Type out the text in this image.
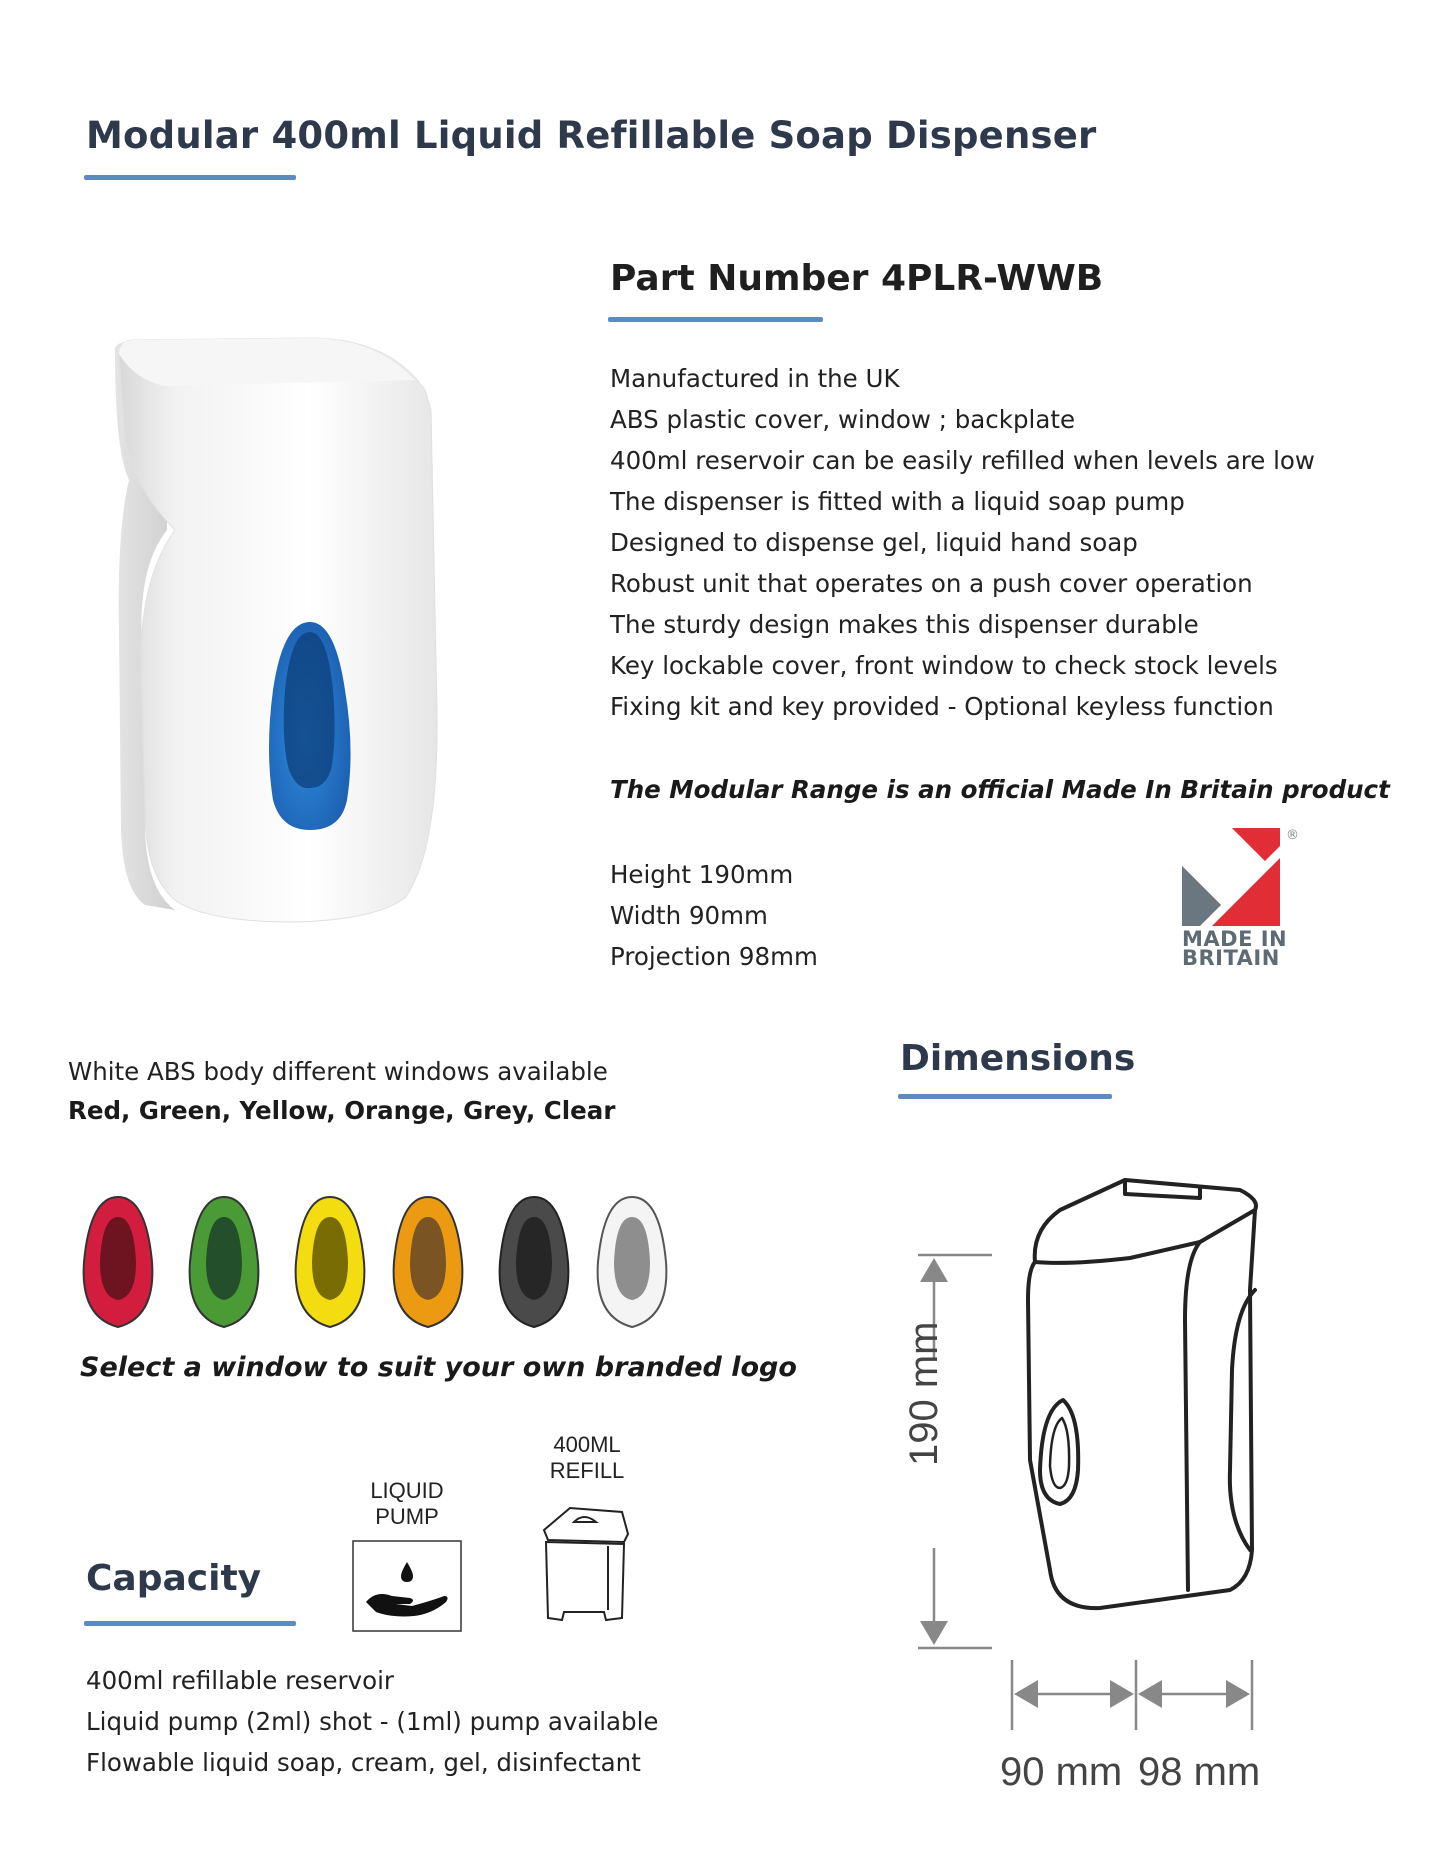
Modular 400ml Liquid Refillable Soap Dispenser
Part Number 4PLR-WWB
Manufactured in the UK
ABS plastic cover, window ; backplate
400ml reservoir can be easily refilled when levels are low
The dispenser is fitted with a liquid soap pump
Designed to dispense gel, liquid hand soap
Robust unit that operates on a push cover operation
The sturdy design makes this dispenser durable
Key lockable cover, front window to check stock levels
Fixing kit and key provided - Optional keyless function
The Modular Range is an official Made In Britain product
Height 190mm
Width 90mm
Projection 98mm
®
MADE IN
BRITAIN
White ABS body different windows available
Red, Green, Yellow, Orange, Grey, Clear
Select a window to suit your own branded logo
LIQUID
PUMP
400ML
REFILL
Capacity
400ml refillable reservoir
Liquid pump (2ml) shot - (1ml) pump available
Flowable liquid soap, cream, gel, disinfectant
Dimensions
190 mm
90 mm 98 mm
